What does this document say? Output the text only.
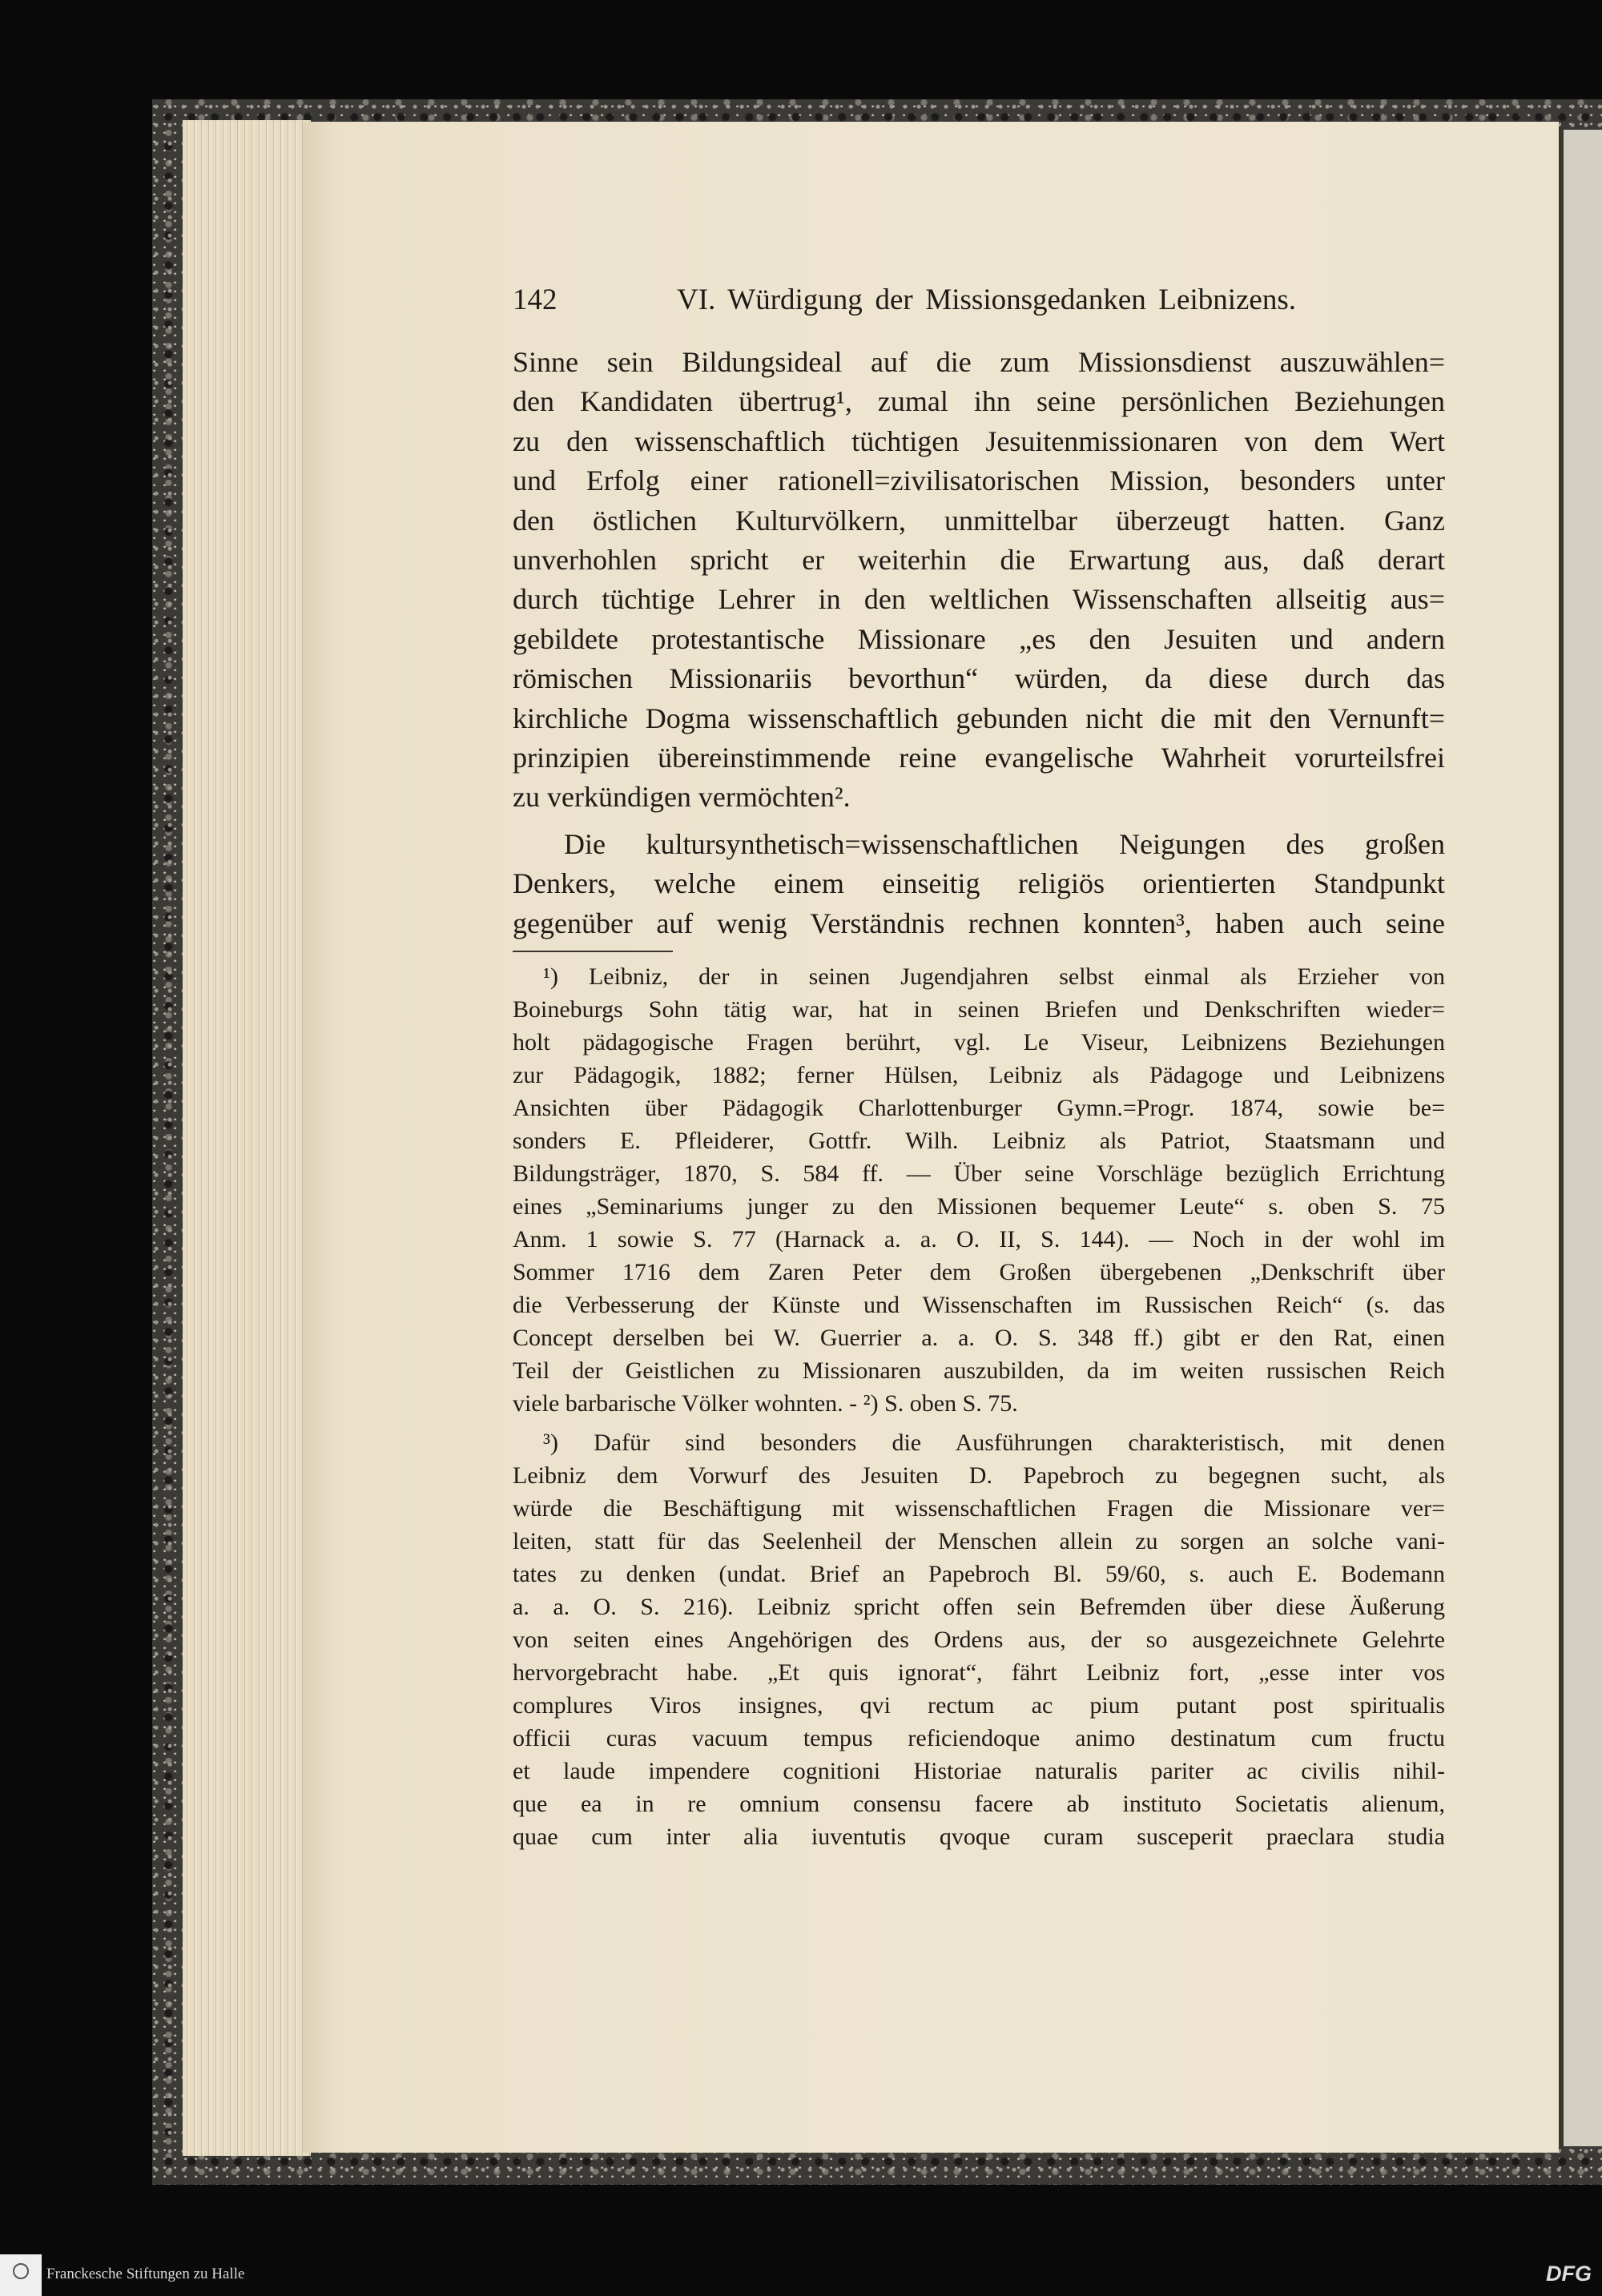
142	VI. Würdigung der Missionsgedanken Leibnizens.
Sinne sein Bildungsideal auf die zum Missionsdienst auszuwählen=
den Kandidaten übertrug¹, zumal ihn seine persönlichen Beziehungen
zu den wissenschaftlich tüchtigen Jesuitenmissionaren von dem Wert
und Erfolg einer rationell=zivilisatorischen Mission, besonders unter
den östlichen Kulturvölkern, unmittelbar überzeugt hatten. Ganz
unverhohlen spricht er weiterhin die Erwartung aus, daß derart
durch tüchtige Lehrer in den weltlichen Wissenschaften allseitig aus=
gebildete protestantische Missionare „es den Jesuiten und andern
römischen Missionariis bevorthun“ würden, da diese durch das
kirchliche Dogma wissenschaftlich gebunden nicht die mit den Vernunft=
prinzipien übereinstimmende reine evangelische Wahrheit vorurteilsfrei
zu verkündigen vermöchten².
Die kultursynthetisch=wissenschaftlichen Neigungen des großen
Denkers, welche einem einseitig religiös orientierten Standpunkt
gegenüber auf wenig Verständnis rechnen konnten³, haben auch seine
¹) Leibniz, der in seinen Jugendjahren selbst einmal als Erzieher von
Boineburgs Sohn tätig war, hat in seinen Briefen und Denkschriften wieder=
holt pädagogische Fragen berührt, vgl. Le Viseur, Leibnizens Beziehungen
zur Pädagogik, 1882; ferner Hülsen, Leibniz als Pädagoge und Leibnizens
Ansichten über Pädagogik Charlottenburger Gymn.=Progr. 1874, sowie be=
sonders E. Pfleiderer, Gottfr. Wilh. Leibniz als Patriot, Staatsmann und
Bildungsträger, 1870, S. 584 ff. — Über seine Vorschläge bezüglich Errichtung
eines „Seminariums junger zu den Missionen bequemer Leute“ s. oben S. 75
Anm. 1 sowie S. 77 (Harnack a. a. O. II, S. 144). — Noch in der wohl im
Sommer 1716 dem Zaren Peter dem Großen übergebenen „Denkschrift über
die Verbesserung der Künste und Wissenschaften im Russischen Reich“ (s. das
Concept derselben bei W. Guerrier a. a. O. S. 348 ff.) gibt er den Rat, einen
Teil der Geistlichen zu Missionaren auszubilden, da im weiten russischen Reich
viele barbarische Völker wohnten. - ²) S. oben S. 75.
³) Dafür sind besonders die Ausführungen charakteristisch, mit denen
Leibniz dem Vorwurf des Jesuiten D. Papebroch zu begegnen sucht, als
würde die Beschäftigung mit wissenschaftlichen Fragen die Missionare ver=
leiten, statt für das Seelenheil der Menschen allein zu sorgen an solche vani-
tates zu denken (undat. Brief an Papebroch Bl. 59/60, s. auch E. Bodemann
a. a. O. S. 216). Leibniz spricht offen sein Befremden über diese Äußerung
von seiten eines Angehörigen des Ordens aus, der so ausgezeichnete Gelehrte
hervorgebracht habe. „Et quis ignorat“, fährt Leibniz fort, „esse inter vos
complures Viros insignes, qvi rectum ac pium putant post spiritualis
officii curas vacuum tempus reficiendoque animo destinatum cum fructu
et laude impendere cognitioni Historiae naturalis pariter ac civilis nihil-
que ea in re omnium consensu facere ab instituto Societatis alienum,
quae cum inter alia iuventutis qvoque curam susceperit praeclara studia
Franckesche Stiftungen zu Halle	DFG
